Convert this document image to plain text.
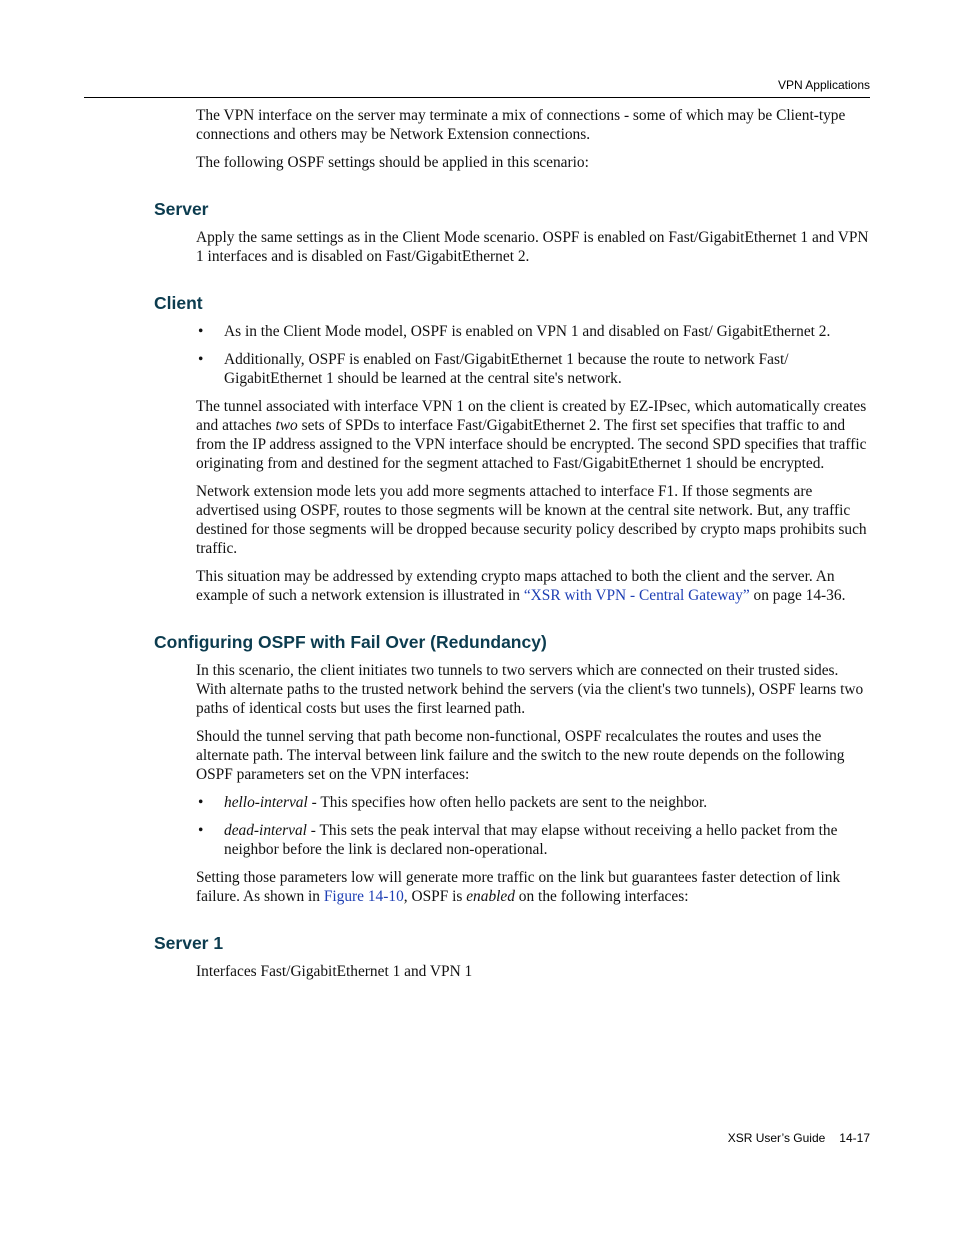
VPN Applications

The VPN interface on the server may terminate a mix of connections - some of which may be Client-type connections and others may be Network Extension connections.

The following OSPF settings should be applied in this scenario:

Server

Apply the same settings as in the Client Mode scenario. OSPF is enabled on Fast/GigabitEthernet 1 and VPN 1 interfaces and is disabled on Fast/GigabitEthernet 2.

Client
• As in the Client Mode model, OSPF is enabled on VPN 1 and disabled on Fast/ GigabitEthernet 2.
• Additionally, OSPF is enabled on Fast/GigabitEthernet 1 because the route to network Fast/ GigabitEthernet 1 should be learned at the central site's network.

The tunnel associated with interface VPN 1 on the client is created by EZ-IPsec, which automatically creates and attaches two sets of SPDs to interface Fast/GigabitEthernet 2. The first set specifies that traffic to and from the IP address assigned to the VPN interface should be encrypted. The second SPD specifies that traffic originating from and destined for the segment attached to Fast/GigabitEthernet 1 should be encrypted.

Network extension mode lets you add more segments attached to interface F1. If those segments are advertised using OSPF, routes to those segments will be known at the central site network. But, any traffic destined for those segments will be dropped because security policy described by crypto maps prohibits such traffic.

This situation may be addressed by extending crypto maps attached to both the client and the server. An example of such a network extension is illustrated in “XSR with VPN - Central Gateway” on page 14-36.

Configuring OSPF with Fail Over (Redundancy)

In this scenario, the client initiates two tunnels to two servers which are connected on their trusted sides. With alternate paths to the trusted network behind the servers (via the client's two tunnels), OSPF learns two paths of identical costs but uses the first learned path.

Should the tunnel serving that path become non-functional, OSPF recalculates the routes and uses the alternate path. The interval between link failure and the switch to the new route depends on the following OSPF parameters set on the VPN interfaces:

• hello-interval - This specifies how often hello packets are sent to the neighbor.
• dead-interval - This sets the peak interval that may elapse without receiving a hello packet from the neighbor before the link is declared non-operational.

Setting those parameters low will generate more traffic on the link but guarantees faster detection of link failure. As shown in Figure 14-10, OSPF is enabled on the following interfaces:

Server 1

Interfaces Fast/GigabitEthernet 1 and VPN 1

XSR User’s Guide 14-17
